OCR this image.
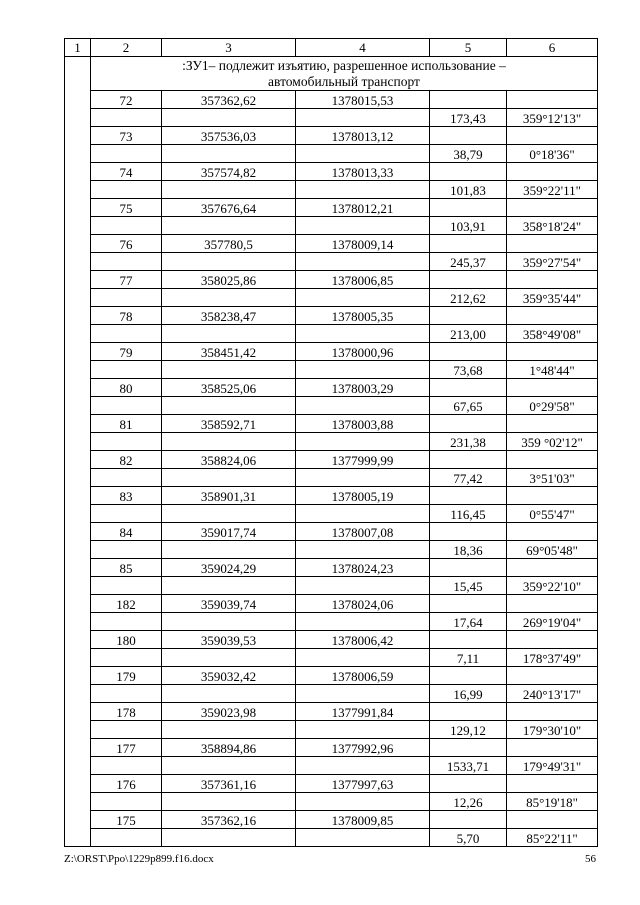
1	2	3	4	5	6

	:ЗУ1– подлежит изъятию, разрешенное использование –
автомобильный транспорт				

	72	357362,62	1378015,53		
				173,43	359°12'13"
	73	357536,03	1378013,12		
				38,79	0°18'36"
	74	357574,82	1378013,33		
				101,83	359°22'11"
	75	357676,64	1378012,21		
				103,91	358°18'24"
	76	357780,5	1378009,14		
				245,37	359°27'54"
	77	358025,86	1378006,85		
				212,62	359°35'44"
	78	358238,47	1378005,35		
				213,00	358°49'08"
	79	358451,42	1378000,96		
				73,68	1°48'44"
	80	358525,06	1378003,29		
				67,65	0°29'58"
	81	358592,71	1378003,88		
				231,38	359 °02'12"
	82	358824,06	1377999,99		
				77,42	3°51'03"
	83	358901,31	1378005,19		
				116,45	0°55'47"
	84	359017,74	1378007,08		
				18,36	69°05'48"
	85	359024,29	1378024,23		
				15,45	359°22'10"
	182	359039,74	1378024,06		
				17,64	269°19'04"
	180	359039,53	1378006,42		
				7,11	178°37'49"
	179	359032,42	1378006,59		
				16,99	240°13'17"
	178	359023,98	1377991,84		
				129,12	179°30'10"
	177	358894,86	1377992,96		
				1533,71	179°49'31"
	176	357361,16	1377997,63		
				12,26	85°19'18"
	175	357362,16	1378009,85		
				5,70	85°22'11"
Z:\ORST\Ppo\1229p899.f16.docx	56
